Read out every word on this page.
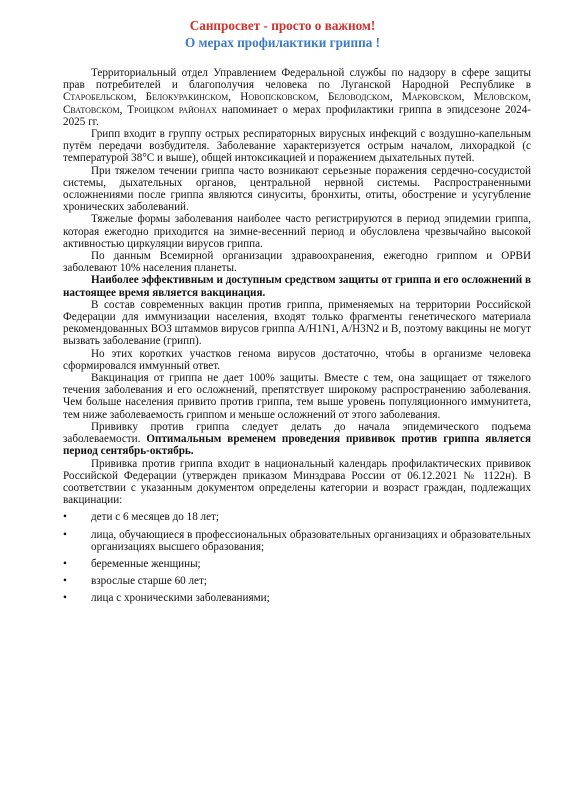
Санпросвет - просто о важном!
О мерах профилактики гриппа !

Территориальный отдел Управлением Федеральной службы по надзору в сфере защиты прав потребителей и благополучия человека по Луганской Народной Республике в Старобельском, Белокуракинском, Новопсковском, Беловодском, Марковском, Меловском, Сватовском, Троицком районах напоминает о мерах профилактики гриппа в эпидсезоне 2024-2025 гг.

Грипп входит в группу острых респираторных вирусных инфекций с воздушно-капельным путём передачи возбудителя. Заболевание характеризуется острым началом, лихорадкой (с температурой 38°С и выше), общей интоксикацией и поражением дыхательных путей.

При тяжелом течении гриппа часто возникают серьезные поражения сердечно-сосудистой системы, дыхательных органов, центральной нервной системы. Распространенными осложнениями после гриппа являются синуситы, бронхиты, отиты, обострение и усугубление хронических заболеваний.

Тяжелые формы заболевания наиболее часто регистрируются в период эпидемии гриппа, которая ежегодно приходится на зимне-весенний период и обусловлена чрезвычайно высокой активностью циркуляции вирусов гриппа.

По данным Всемирной организации здравоохранения, ежегодно гриппом и ОРВИ заболевают 10% населения планеты.

Наиболее эффективным и доступным средством защиты от гриппа и его осложнений в настоящее время является вакцинация.

В состав современных вакцин против гриппа, применяемых на территории Российской Федерации для иммунизации населения, входят только фрагменты генетического материала рекомендованных ВОЗ штаммов вирусов гриппа A/H1N1, A/H3N2 и B, поэтому вакцины не могут вызвать заболевание (грипп).

Но этих коротких участков генома вирусов достаточно, чтобы в организме человека сформировался иммунный ответ.

Вакцинация от гриппа не дает 100% защиты. Вместе с тем, она защищает от тяжелого течения заболевания и его осложнений, препятствует широкому распространению заболевания. Чем больше населения привито против гриппа, тем выше уровень популяционного иммунитета, тем ниже заболеваемость гриппом и меньше осложнений от этого заболевания.

Прививку против гриппа следует делать до начала эпидемического подъема заболеваемости. Оптимальным временем проведения прививок против гриппа является период сентябрь-октябрь.

Прививка против гриппа входит в национальный календарь профилактических прививок Российской Федерации (утвержден приказом Минздрава России от 06.12.2021 № 1122н). В соответствии с указанным документом определены категории и возраст граждан, подлежащих вакцинации:

•	дети с 6 месяцев до 18 лет;
•	лица, обучающиеся в профессиональных образовательных организациях и образовательных организациях высшего образования;
•	беременные женщины;
•	взрослые старше 60 лет;
•	лица с хроническими заболеваниями;
